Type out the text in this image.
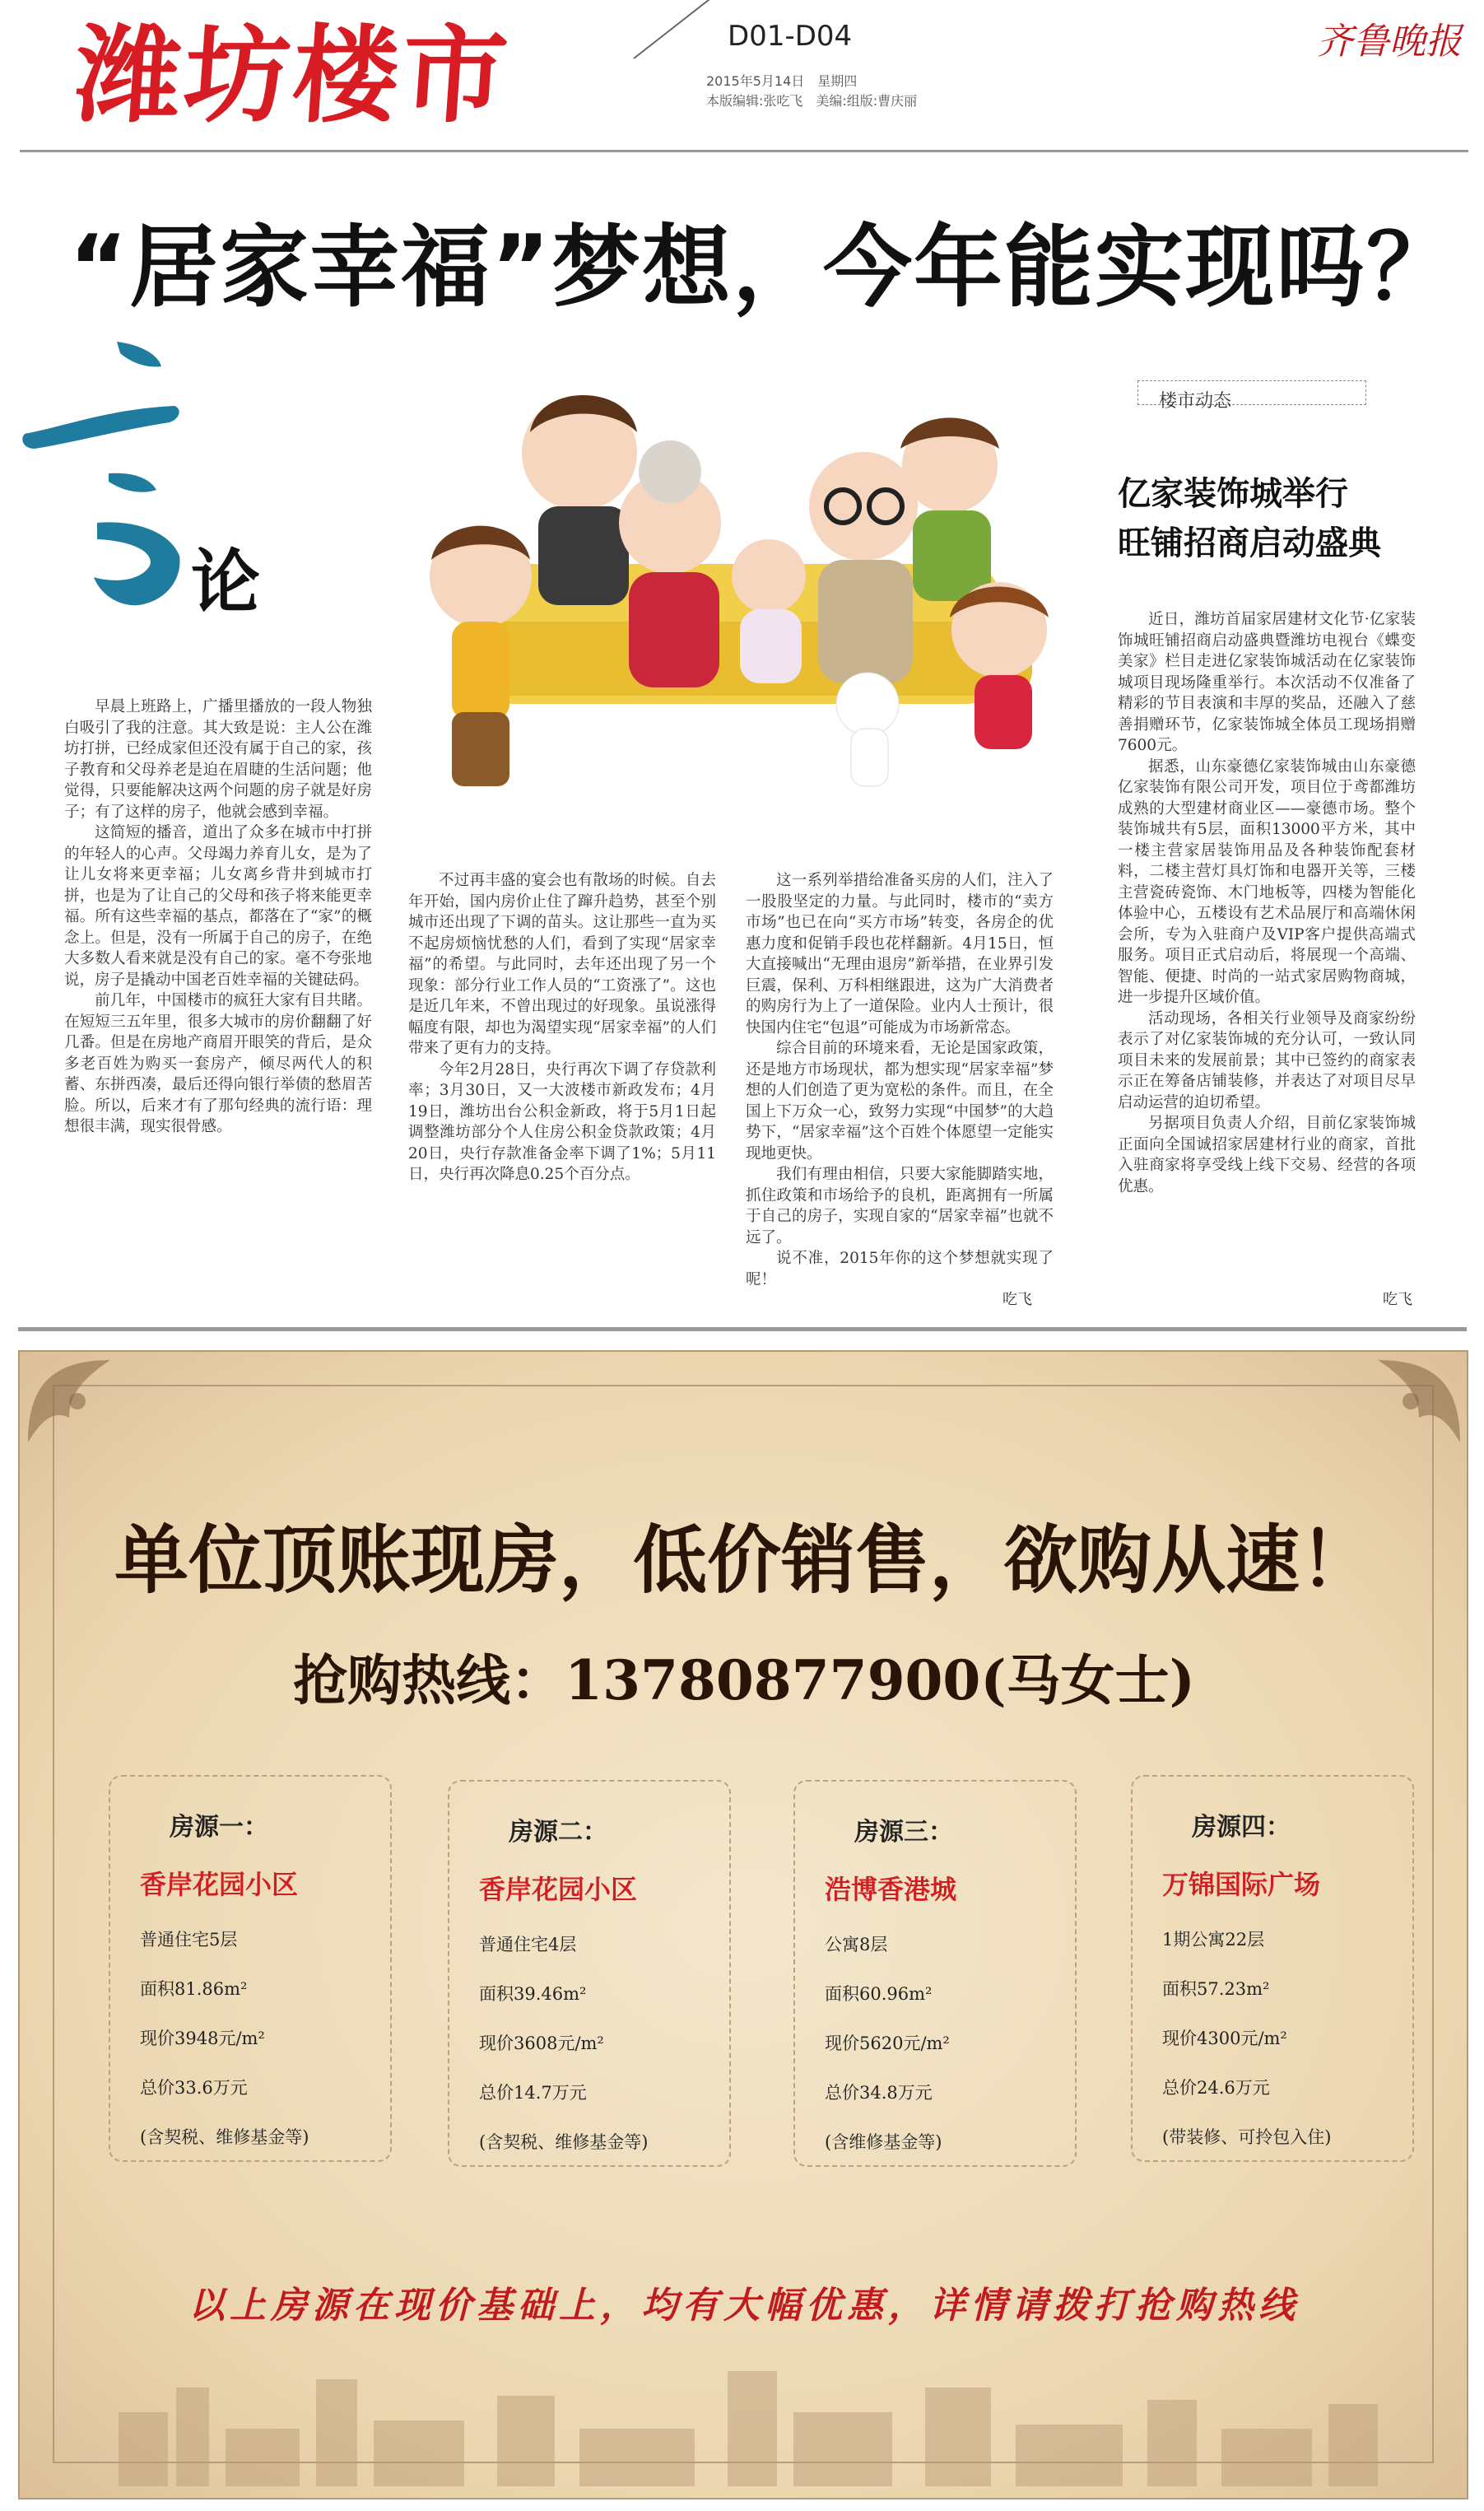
潍坊楼市	D01-D04
2015年5月14日　星期四
本版编辑:张吃飞　美编:组版:曹庆丽
齐鲁晚报
“居家幸福”梦想，今年能实现吗？
论
楼市动态
亿家装饰城举行
旺铺招商启动盛典

早晨上班路上，广播里播放的一段人物独白吸引了我的注意。其大致是说：主人公在潍坊打拼，已经成家但还没有属于自己的家，孩子教育和父母养老是迫在眉睫的生活问题；他觉得，只要能解决这两个问题的房子就是好房子；有了这样的房子，他就会感到幸福。

这简短的播音，道出了众多在城市中打拼的年轻人的心声。父母竭力养育儿女，是为了让儿女将来更幸福；儿女离乡背井到城市打拼，也是为了让自己的父母和孩子将来能更幸福。所有这些幸福的基点，都落在了“家”的概念上。但是，没有一所属于自己的房子，在绝大多数人看来就是没有自己的家。毫不夸张地说，房子是撬动中国老百姓幸福的关键砝码。

前几年，中国楼市的疯狂大家有目共睹。在短短三五年里，很多大城市的房价翻翻了好几番。但是在房地产商眉开眼笑的背后，是众多老百姓为购买一套房产，倾尽两代人的积蓄、东拼西凑，最后还得向银行举债的愁眉苦脸。所以，后来才有了那句经典的流行语：理想很丰满，现实很骨感。

不过再丰盛的宴会也有散场的时候。自去年开始，国内房价止住了蹿升趋势，甚至个别城市还出现了下调的苗头。这让那些一直为买不起房烦恼忧愁的人们，看到了实现“居家幸福”的希望。与此同时，去年还出现了另一个现象：部分行业工作人员的“工资涨了”。这也是近几年来，不曾出现过的好现象。虽说涨得幅度有限，却也为渴望实现“居家幸福”的人们带来了更有力的支持。

今年2月28日，央行再次下调了存贷款利率；3月30日，又一大波楼市新政发布；4月19日，潍坊出台公积金新政，将于5月1日起调整潍坊部分个人住房公积金贷款政策；4月20日，央行存款准备金率下调了1%；5月11日，央行再次降息0.25个百分点。

这一系列举措给准备买房的人们，注入了一股股坚定的力量。与此同时，楼市的“卖方市场”也已在向“买方市场”转变，各房企的优惠力度和促销手段也花样翻新。4月15日，恒大直接喊出“无理由退房”新举措，在业界引发巨震，保利、万科相继跟进，这为广大消费者的购房行为上了一道保险。业内人士预计，很快国内住宅“包退”可能成为市场新常态。

综合目前的环境来看，无论是国家政策，还是地方市场现状，都为想实现“居家幸福”梦想的人们创造了更为宽松的条件。而且，在全国上下万众一心，致努力实现“中国梦”的大趋势下，“居家幸福”这个百姓个体愿望一定能实现地更快。

我们有理由相信，只要大家能脚踏实地，抓住政策和市场给予的良机，距离拥有一所属于自己的房子，实现自家的“居家幸福”也就不远了。

说不准，2015年你的这个梦想就实现了呢！

吃飞

近日，潍坊首届家居建材文化节·亿家装饰城旺铺招商启动盛典暨潍坊电视台《蝶变美家》栏目走进亿家装饰城活动在亿家装饰城项目现场隆重举行。本次活动不仅准备了精彩的节目表演和丰厚的奖品，还融入了慈善捐赠环节，亿家装饰城全体员工现场捐赠7600元。

据悉，山东豪德亿家装饰城由山东豪德亿家装饰有限公司开发，项目位于鸢都潍坊成熟的大型建材商业区——豪德市场。整个装饰城共有5层，面积13000平方米，其中一楼主营家居装饰用品及各种装饰配套材料，二楼主营灯具灯饰和电器开关等，三楼主营瓷砖瓷饰、木门地板等，四楼为智能化体验中心，五楼设有艺术品展厅和高端休闲会所，专为入驻商户及VIP客户提供高端式服务。项目正式启动后，将展现一个高端、智能、便捷、时尚的一站式家居购物商城，进一步提升区域价值。

活动现场，各相关行业领导及商家纷纷表示了对亿家装饰城的充分认可，一致认同项目未来的发展前景；其中已签约的商家表示正在筹备店铺装修，并表达了对项目尽早启动运营的迫切希望。

另据项目负责人介绍，目前亿家装饰城正面向全国诚招家居建材行业的商家，首批入驻商家将享受线上线下交易、经营的各项优惠。

吃飞
单位顶账现房，低价销售，欲购从速！
抢购热线：13780877900(马女士)
房源一：
香岸花园小区
普通住宅5层
面积81.86m²
现价3948元/m²
总价33.6万元
(含契税、维修基金等)
房源二：
香岸花园小区
普通住宅4层
面积39.46m²
现价3608元/m²
总价14.7万元
(含契税、维修基金等)
房源三：
浩博香港城
公寓8层
面积60.96m²
现价5620元/m²
总价34.8万元
(含维修基金等)
房源四：
万锦国际广场
1期公寓22层
面积57.23m²
现价4300元/m²
总价24.6万元
(带装修、可拎包入住)
以上房源在现价基础上，均有大幅优惠，详情请拨打抢购热线
